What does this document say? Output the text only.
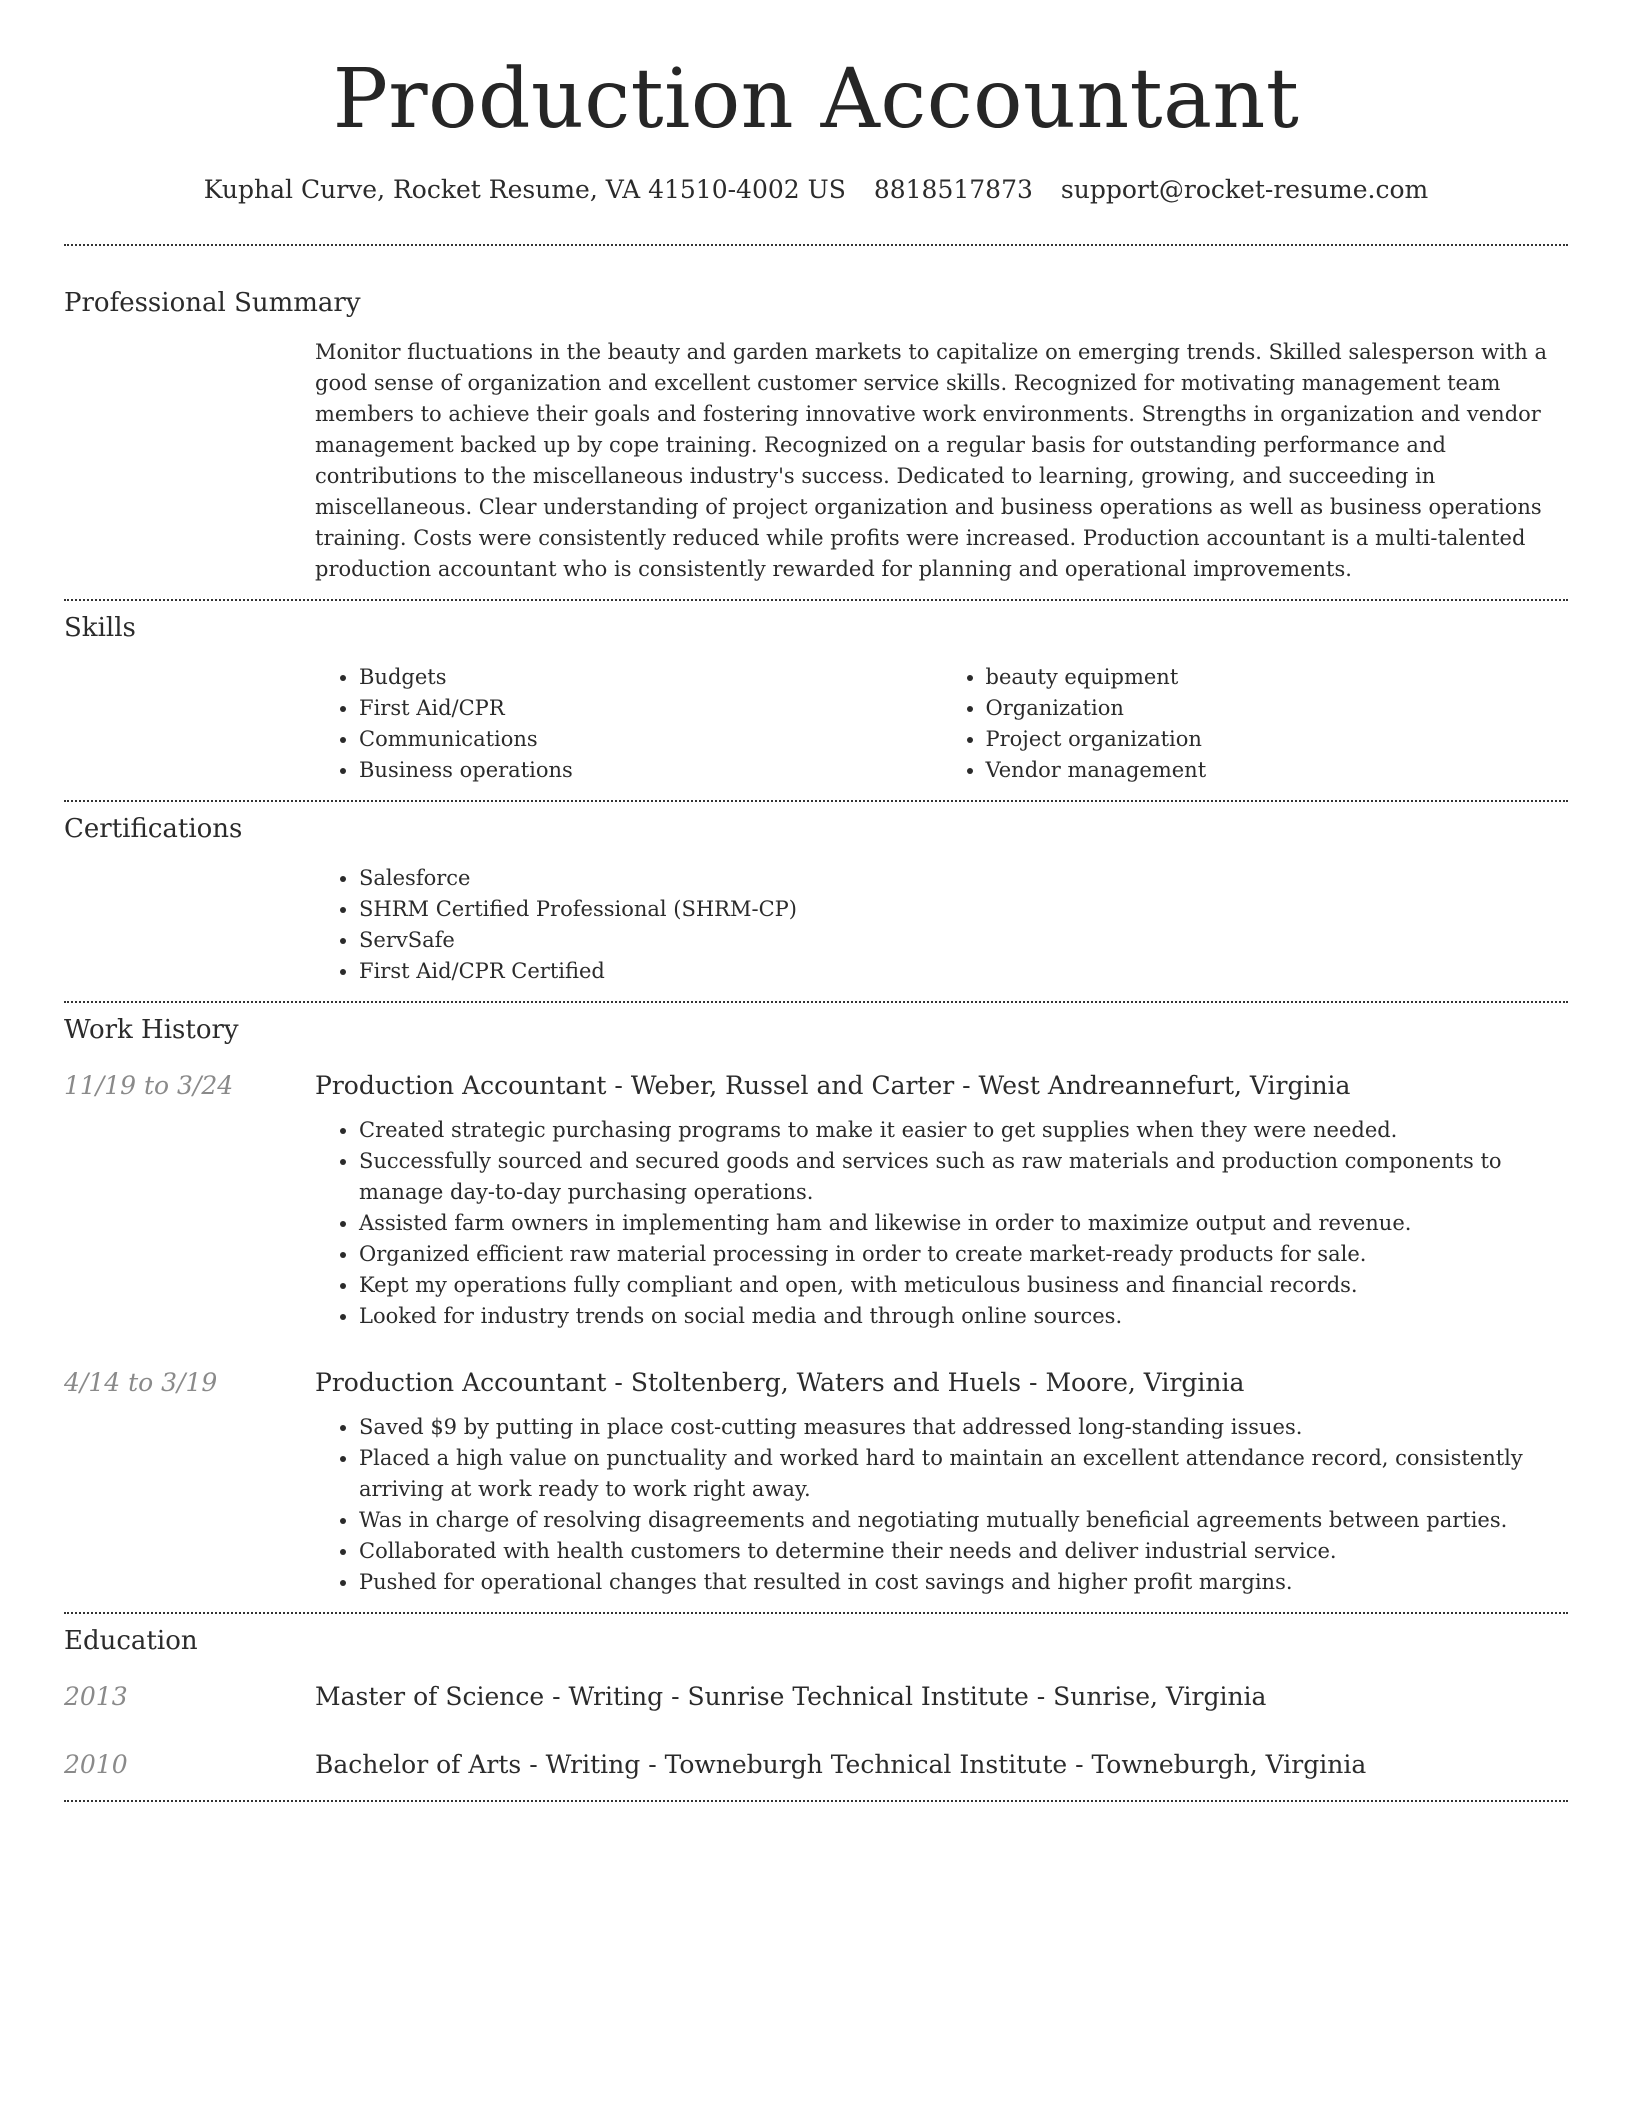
Production Accountant
Kuphal Curve, Rocket Resume, VA 41510-4002 US 8818517873 support@rocket-resume.com
Professional Summary

Monitor fluctuations in the beauty and garden markets to capitalize on emerging trends. Skilled salesperson with a good sense of organization and excellent customer service skills. Recognized for motivating management team members to achieve their goals and fostering innovative work environments. Strengths in organization and vendor management backed up by cope training. Recognized on a regular basis for outstanding performance and contributions to the miscellaneous industry's success. Dedicated to learning, growing, and succeeding in miscellaneous. Clear understanding of project organization and business operations as well as business operations training. Costs were consistently reduced while profits were increased. Production accountant is a multi-talented production accountant who is consistently rewarded for planning and operational improvements.

Skills
• Budgets
• First Aid/CPR
• Communications
• Business operations
• beauty equipment
• Organization
• Project organization
• Vendor management
Certifications
• Salesforce
• SHRM Certified Professional (SHRM-CP)
• ServSafe
• First Aid/CPR Certified
Work History
11/19 to 3/24	Production Accountant - Weber, Russel and Carter - West Andreannefurt, Virginia

• Created strategic purchasing programs to make it easier to get supplies when they were needed.
• Successfully sourced and secured goods and services such as raw materials and production components to manage day-to-day purchasing operations.
• Assisted farm owners in implementing ham and likewise in order to maximize output and revenue.
• Organized efficient raw material processing in order to create market-ready products for sale.
• Kept my operations fully compliant and open, with meticulous business and financial records.
• Looked for industry trends on social media and through online sources.
4/14 to 3/19	Production Accountant - Stoltenberg, Waters and Huels - Moore, Virginia

• Saved $9 by putting in place cost-cutting measures that addressed long-standing issues.
• Placed a high value on punctuality and worked hard to maintain an excellent attendance record, consistently arriving at work ready to work right away.
• Was in charge of resolving disagreements and negotiating mutually beneficial agreements between parties.
• Collaborated with health customers to determine their needs and deliver industrial service.
• Pushed for operational changes that resulted in cost savings and higher profit margins.
Education
2013	Master of Science - Writing - Sunrise Technical Institute - Sunrise, Virginia

2010	Bachelor of Arts - Writing - Towneburgh Technical Institute - Towneburgh, Virginia
